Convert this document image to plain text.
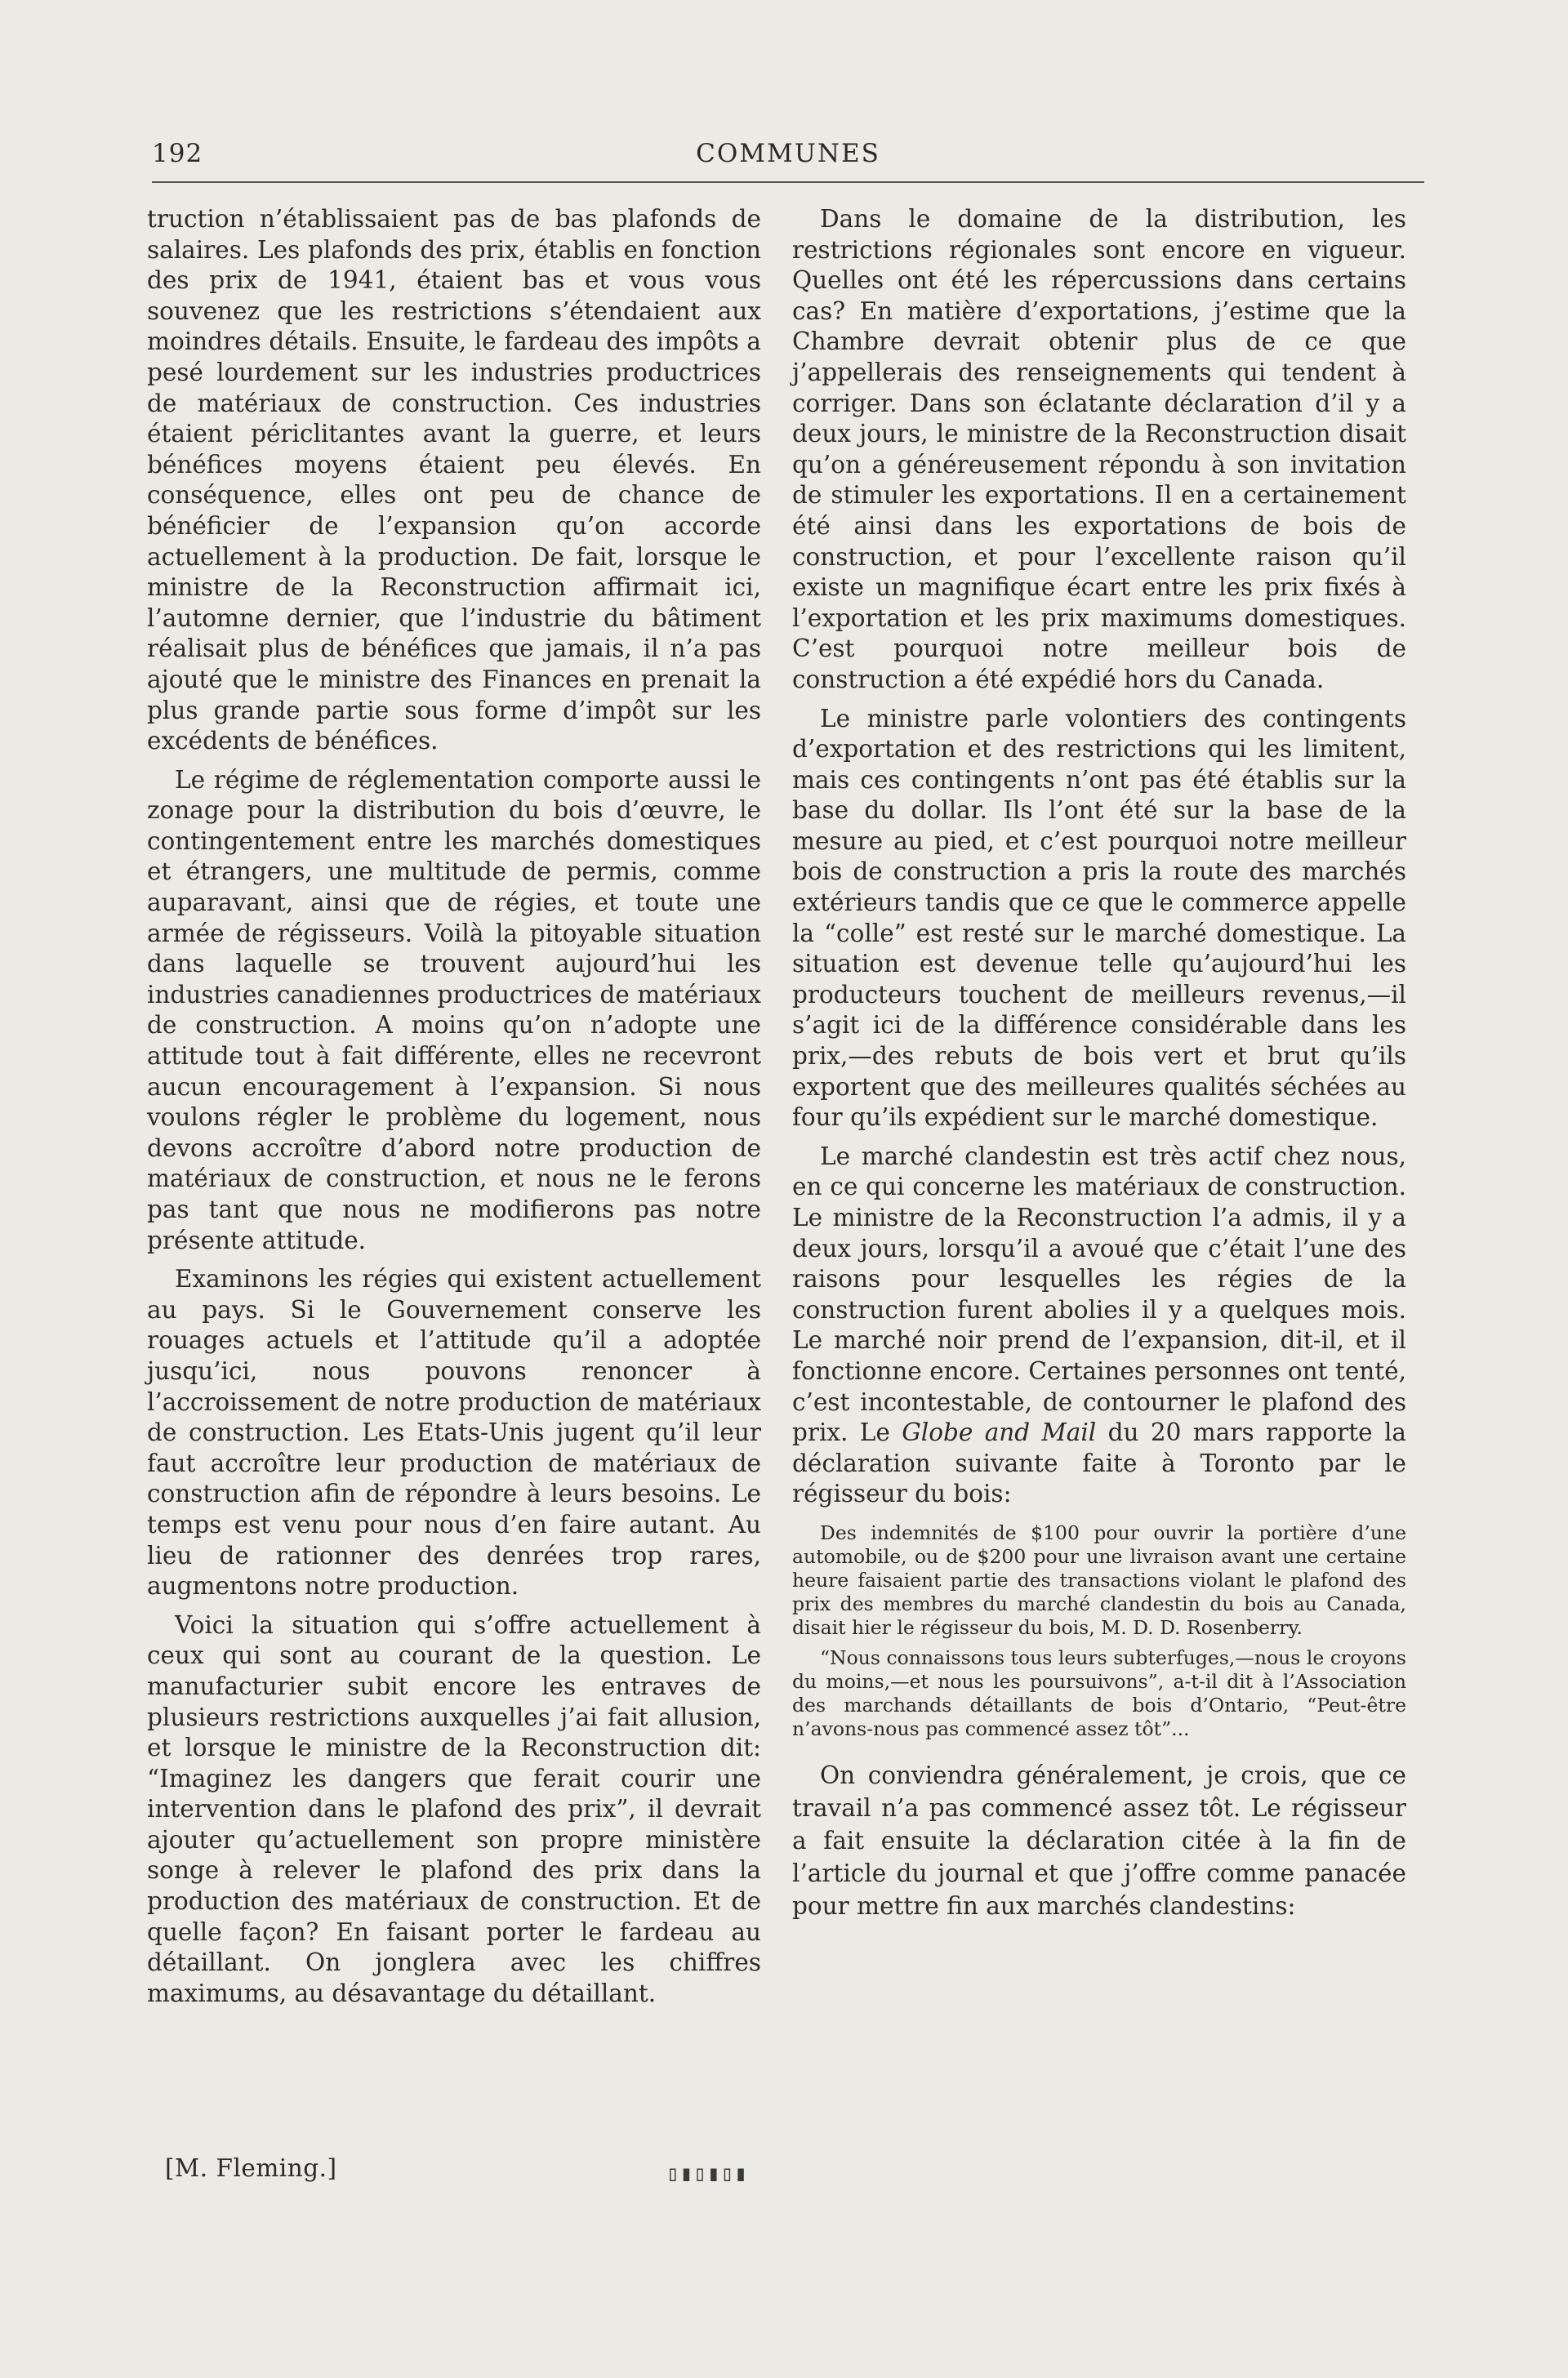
192	COMMUNES

truction n’établissaient pas de bas plafonds de salaires. Les plafonds des prix, établis en fonction des prix de 1941, étaient bas et vous vous souvenez que les restrictions s’étendaient aux moindres détails. Ensuite, le fardeau des impôts a pesé lourdement sur les industries productrices de matériaux de construction. Ces industries étaient périclitantes avant la guerre, et leurs bénéfices moyens étaient peu élevés. En conséquence, elles ont peu de chance de bénéficier de l’expansion qu’on accorde actuellement à la production. De fait, lorsque le ministre de la Reconstruction affirmait ici, l’automne dernier, que l’industrie du bâtiment réalisait plus de bénéfices que jamais, il n’a pas ajouté que le ministre des Finances en prenait la plus grande partie sous forme d’impôt sur les excédents de bénéfices.

Le régime de réglementation comporte aussi le zonage pour la distribution du bois d’œuvre, le contingentement entre les marchés domestiques et étrangers, une multitude de permis, comme auparavant, ainsi que de régies, et toute une armée de régisseurs. Voilà la pitoyable situation dans laquelle se trouvent aujourd’hui les industries canadiennes productrices de matériaux de construction. A moins qu’on n’adopte une attitude tout à fait différente, elles ne recevront aucun encouragement à l’expansion. Si nous voulons régler le problème du logement, nous devons accroître d’abord notre production de matériaux de construction, et nous ne le ferons pas tant que nous ne modifierons pas notre présente attitude.

Examinons les régies qui existent actuellement au pays. Si le Gouvernement conserve les rouages actuels et l’attitude qu’il a adoptée jusqu’ici, nous pouvons renoncer à l’accroissement de notre production de matériaux de construction. Les Etats-Unis jugent qu’il leur faut accroître leur production de matériaux de construction afin de répondre à leurs besoins. Le temps est venu pour nous d’en faire autant. Au lieu de rationner des denrées trop rares, augmentons notre production.

Voici la situation qui s’offre actuellement à ceux qui sont au courant de la question. Le manufacturier subit encore les entraves de plusieurs restrictions auxquelles j’ai fait allusion, et lorsque le ministre de la Reconstruction dit: “Imaginez les dangers que ferait courir une intervention dans le plafond des prix”, il devrait ajouter qu’actuellement son propre ministère songe à relever le plafond des prix dans la production des matériaux de construction. Et de quelle façon? En faisant porter le fardeau au détaillant. On jonglera avec les chiffres maximums, au désavantage du détaillant.

[M. Fleming.]	▯▮▯▮▯▮

Dans le domaine de la distribution, les restrictions régionales sont encore en vigueur. Quelles ont été les répercussions dans certains cas? En matière d’exportations, j’estime que la Chambre devrait obtenir plus de ce que j’appellerais des renseignements qui tendent à corriger. Dans son éclatante déclaration d’il y a deux jours, le ministre de la Reconstruction disait qu’on a généreusement répondu à son invitation de stimuler les exportations. Il en a certainement été ainsi dans les exportations de bois de construction, et pour l’excellente raison qu’il existe un magnifique écart entre les prix fixés à l’exportation et les prix maximums domestiques. C’est pourquoi notre meilleur bois de construction a été expédié hors du Canada.

Le ministre parle volontiers des contingents d’exportation et des restrictions qui les limitent, mais ces contingents n’ont pas été établis sur la base du dollar. Ils l’ont été sur la base de la mesure au pied, et c’est pourquoi notre meilleur bois de construction a pris la route des marchés extérieurs tandis que ce que le commerce appelle la “colle” est resté sur le marché domestique. La situation est devenue telle qu’aujourd’hui les producteurs touchent de meilleurs revenus,—il s’agit ici de la différence considérable dans les prix,—des rebuts de bois vert et brut qu’ils exportent que des meilleures qualités séchées au four qu’ils expédient sur le marché domestique.

Le marché clandestin est très actif chez nous, en ce qui concerne les matériaux de construction. Le ministre de la Reconstruction l’a admis, il y a deux jours, lorsqu’il a avoué que c’était l’une des raisons pour lesquelles les régies de la construction furent abolies il y a quelques mois. Le marché noir prend de l’expansion, dit-il, et il fonctionne encore. Certaines personnes ont tenté, c’est incontestable, de contourner le plafond des prix. Le Globe and Mail du 20 mars rapporte la déclaration suivante faite à Toronto par le régisseur du bois:

Des indemnités de $100 pour ouvrir la portière d’une automobile, ou de $200 pour une livraison avant une certaine heure faisaient partie des transactions violant le plafond des prix des membres du marché clandestin du bois au Canada, disait hier le régisseur du bois, M. D. D. Rosenberry.

“Nous connaissons tous leurs subterfuges,—nous le croyons du moins,—et nous les poursuivons”, a-t-il dit à l’Association des marchands détaillants de bois d’Ontario, “Peut-être n’avons-nous pas commencé assez tôt”...

On conviendra généralement, je crois, que ce travail n’a pas commencé assez tôt. Le régisseur a fait ensuite la déclaration citée à la fin de l’article du journal et que j’offre comme panacée pour mettre fin aux marchés clandestins:
